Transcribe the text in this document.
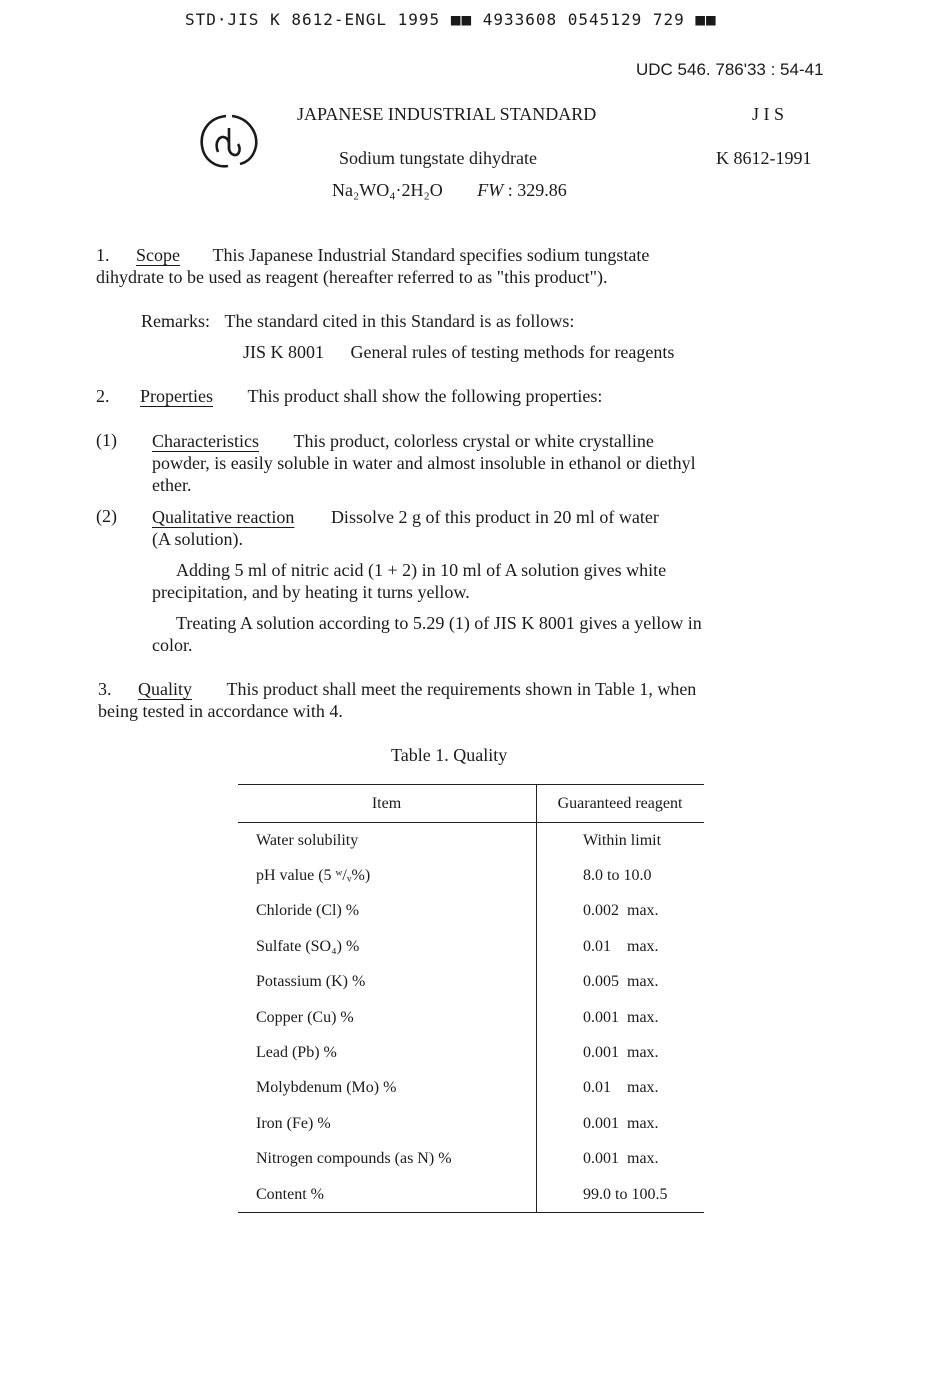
STD·JIS K 8612-ENGL 1995 ■■ 4933608 0545129 729 ■■
UDC 546. 786'33 : 54-41
JAPANESE INDUSTRIAL STANDARD	J I S
Sodium tungstate dihydrate	K 8612-1991
Na₂WO₄·2H₂O FW : 329.86
1. Scope This Japanese Industrial Standard specifies sodium tungstate
dihydrate to be used as reagent (hereafter referred to as "this product").
Remarks: The standard cited in this Standard is as follows:
JIS K 8001 General rules of testing methods for reagents
2. Properties This product shall show the following properties:
(1) Characteristics This product, colorless crystal or white crystalline
powder, is easily soluble in water and almost insoluble in ethanol or diethyl
ether.
(2) Qualitative reaction Dissolve 2 g of this product in 20 ml of water
(A solution).
Adding 5 ml of nitric acid (1 + 2) in 10 ml of A solution gives white
precipitation, and by heating it turns yellow.
Treating A solution according to 5.29 (1) of JIS K 8001 gives a yellow in
color.
3. Quality This product shall meet the requirements shown in Table 1, when
being tested in accordance with 4.
Table 1. Quality
Item	Guaranteed reagent
Water solubility	Within limit
pH value (5 ʷ/ᵥ%)	8.0 to 10.0
Chloride (Cl) %	0.002  max.
Sulfate (SO₄) %	0.01    max.
Potassium (K) %	0.005  max.
Copper (Cu) %	0.001  max.
Lead (Pb) %	0.001  max.
Molybdenum (Mo) %	0.01    max.
Iron (Fe) %	0.001  max.
Nitrogen compounds (as N) %	0.001  max.
Content %	99.0 to 100.5
